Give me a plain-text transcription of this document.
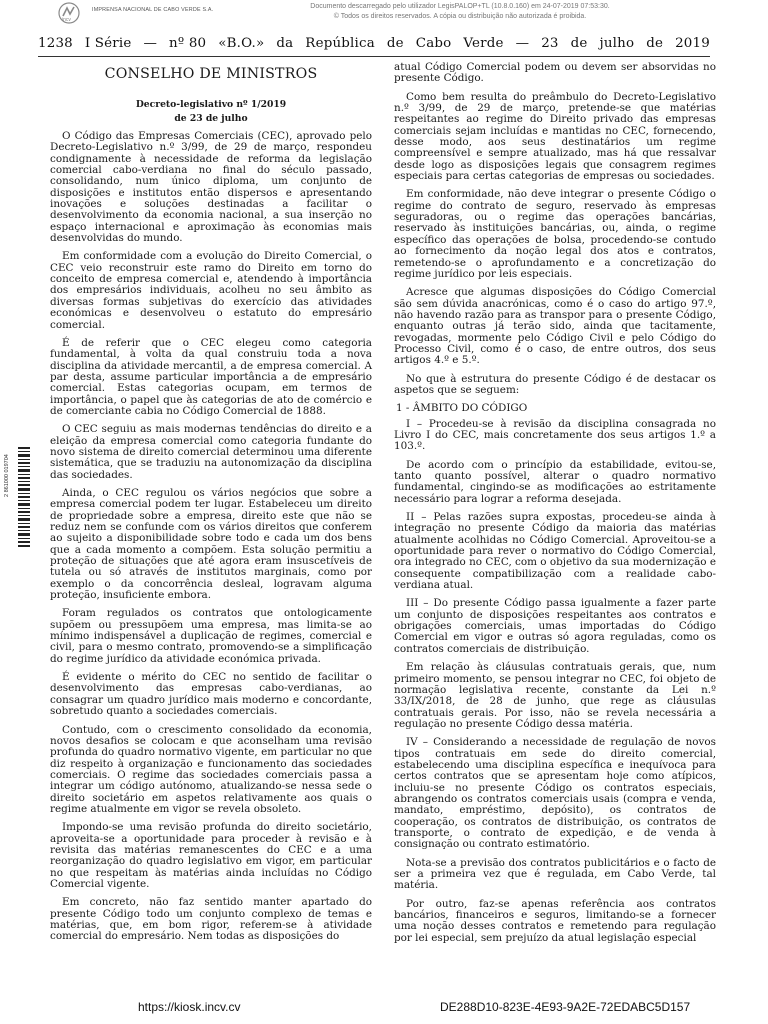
incv
IMPRENSA NACIONAL DE CABO VERDE S.A.	Documento descarregado pelo utilizador LegisPALOP+TL (10.8.0.160) em 24-07-2019 07:53:30.
© Todos os direitos reservados. A cópia ou distribuição não autorizada é proibida.
1238 I Série — nº 80 «B.O.» da República de Cabo Verde — 23 de julho de 2019
2 861000 019704

CONSELHO DE MINISTROS

Decreto-legislativo nº 1/2019

de 23 de julho

O Código das Empresas Comerciais (CEC), aprovado pelo Decreto-Legislativo n.º 3/99, de 29 de março, respondeu condignamente à necessidade de reforma da legislação comercial cabo-verdiana no final do século passado, consolidando, num único diploma, um conjunto de disposições e institutos então dispersos e apresentando inovações e soluções destinadas a facilitar o desenvolvimento da economia nacional, a sua inserção no espaço internacional e aproximação às economias mais desenvolvidas do mundo.

Em conformidade com a evolução do Direito Comercial, o CEC veio reconstruir este ramo do Direito em torno do conceito de empresa comercial e, atendendo à importância dos empresários individuais, acolheu no seu âmbito as diversas formas subjetivas do exercício das atividades económicas e desenvolveu o estatuto do empresário comercial.

É de referir que o CEC elegeu como categoria fundamental, à volta da qual construiu toda a nova disciplina da atividade mercantil, a de empresa comercial. A par desta, assume particular importância a de empresário comercial. Estas categorias ocupam, em termos de importância, o papel que às categorias de ato de comércio e de comerciante cabia no Código Comercial de 1888.

O CEC seguiu as mais modernas tendências do direito e a eleição da empresa comercial como categoria fundante do novo sistema de direito comercial determinou uma diferente sistemática, que se traduziu na autonomização da disciplina das sociedades.

Ainda, o CEC regulou os vários negócios que sobre a empresa comercial podem ter lugar. Estabeleceu um direito de propriedade sobre a empresa, direito este que não se reduz nem se confunde com os vários direitos que conferem ao sujeito a disponibilidade sobre todo e cada um dos bens que a cada momento a compõem. Esta solução permitiu a proteção de situações que até agora eram insuscetíveis de tutela ou só através de institutos marginais, como por exemplo o da concorrência desleal, logravam alguma proteção, insuficiente embora.

Foram regulados os contratos que ontologicamente supõem ou pressupõem uma empresa, mas limita-se ao mínimo indispensável a duplicação de regimes, comercial e civil, para o mesmo contrato, promovendo-se a simplificação do regime jurídico da atividade económica privada.

É evidente o mérito do CEC no sentido de facilitar o desenvolvimento das empresas cabo-verdianas, ao consagrar um quadro jurídico mais moderno e concordante, sobretudo quanto a sociedades comerciais.

Contudo, com o crescimento consolidado da economia, novos desafios se colocam e que aconselham uma revisão profunda do quadro normativo vigente, em particular no que diz respeito à organização e funcionamento das sociedades comerciais. O regime das sociedades comerciais passa a integrar um código autónomo, atualizando-se nessa sede o direito societário em aspetos relativamente aos quais o regime atualmente em vigor se revela obsoleto.

Impondo-se uma revisão profunda do direito societário, aproveita-se a oportunidade para proceder à revisão e à revisita das matérias remanescentes do CEC e a uma reorganização do quadro legislativo em vigor, em particular no que respeitam às matérias ainda incluídas no Código Comercial vigente.

Em concreto, não faz sentido manter apartado do presente Código todo um conjunto complexo de temas e matérias, que, em bom rigor, referem-se à atividade comercial do empresário. Nem todas as disposições do

atual Código Comercial podem ou devem ser absorvidas no presente Código.

Como bem resulta do preâmbulo do Decreto-Legislativo n.º 3/99, de 29 de março, pretende-se que matérias respeitantes ao regime do Direito privado das empresas comerciais sejam incluídas e mantidas no CEC, fornecendo, desse modo, aos seus destinatários um regime compreensível e sempre atualizado, mas há que ressalvar desde logo as disposições legais que consagrem regimes especiais para certas categorias de empresas ou sociedades.

Em conformidade, não deve integrar o presente Código o regime do contrato de seguro, reservado às empresas seguradoras, ou o regime das operações bancárias, reservado às instituições bancárias, ou, ainda, o regime específico das operações de bolsa, procedendo-se contudo ao fornecimento da noção legal dos atos e contratos, remetendo-se o aprofundamento e a concretização do regime jurídico por leis especiais.

Acresce que algumas disposições do Código Comercial são sem dúvida anacrónicas, como é o caso do artigo 97.º, não havendo razão para as transpor para o presente Código, enquanto outras já terão sido, ainda que tacitamente, revogadas, mormente pelo Código Civil e pelo Código do Processo Civil, como é o caso, de entre outros, dos seus artigos 4.º e 5.º.

No que à estrutura do presente Código é de destacar os aspetos que se seguem:

1 - ÂMBITO DO CÓDIGO

I – Procedeu-se à revisão da disciplina consagrada no Livro I do CEC, mais concretamente dos seus artigos 1.º a 103.º.

De acordo com o princípio da estabilidade, evitou-se, tanto quanto possível, alterar o quadro normativo fundamental, cingindo-se as modificações ao estritamente necessário para lograr a reforma desejada.

II – Pelas razões supra expostas, procedeu-se ainda à integração no presente Código da maioria das matérias atualmente acolhidas no Código Comercial. Aproveitou-se a oportunidade para rever o normativo do Código Comercial, ora integrado no CEC, com o objetivo da sua modernização e consequente compatibilização com a realidade cabo-verdiana atual.

III – Do presente Código passa igualmente a fazer parte um conjunto de disposições respeitantes aos contratos e obrigações comerciais, umas importadas do Código Comercial em vigor e outras só agora reguladas, como os contratos comerciais de distribuição.

Em relação às cláusulas contratuais gerais, que, num primeiro momento, se pensou integrar no CEC, foi objeto de normação legislativa recente, constante da Lei n.º 33/IX/2018, de 28 de junho, que rege as cláusulas contratuais gerais. Por isso, não se revela necessária a regulação no presente Código dessa matéria.

IV – Considerando a necessidade de regulação de novos tipos contratuais em sede do direito comercial, estabelecendo uma disciplina específica e inequívoca para certos contratos que se apresentam hoje como atípicos, incluiu-se no presente Código os contratos especiais, abrangendo os contratos comerciais usais (compra e venda, mandato, empréstimo, depósito), os contratos de cooperação, os contratos de distribuição, os contratos de transporte, o contrato de expedição, e de venda à consignação ou contrato estimatório.

Nota-se a previsão dos contratos publicitários e o facto de ser a primeira vez que é regulada, em Cabo Verde, tal matéria.

Por outro, faz-se apenas referência aos contratos bancários, financeiros e seguros, limitando-se a fornecer uma noção desses contratos e remetendo para regulação por lei especial, sem prejuízo da atual legislação especial

https://kiosk.incv.cv	DE288D10-823E-4E93-9A2E-72EDABC5D157
